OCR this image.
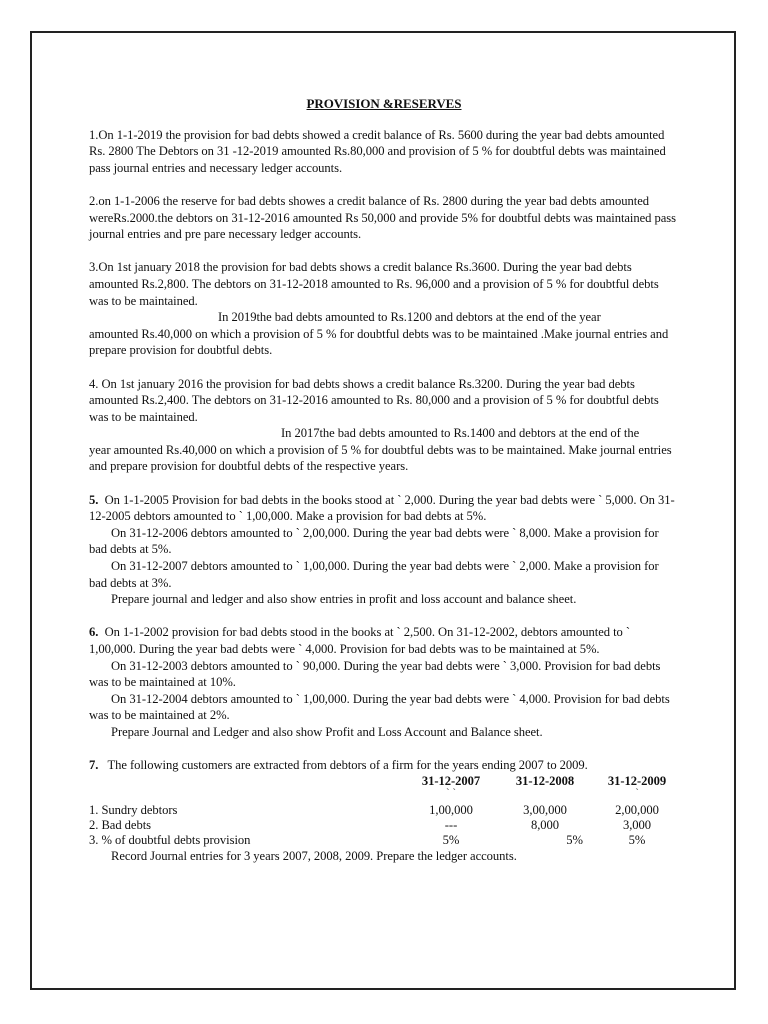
PROVISION &RESERVES

1.On 1-1-2019 the provision for bad debts showed a credit balance of Rs. 5600 during the year bad debts amounted Rs. 2800 The Debtors on 31 -12-2019 amounted Rs.80,000 and provision of 5 % for doubtful debts was maintained pass journal entries and necessary ledger accounts.

2.on 1-1-2006 the reserve for bad debts showes a credit balance of Rs. 2800 during the year bad debts amounted wereRs.2000.the debtors on 31-12-2016 amounted Rs 50,000 and provide 5% for doubtful debts was maintained pass journal entries and pre pare necessary ledger accounts.

3.On 1st january 2018 the provision for bad debts shows a credit balance Rs.3600. During the year bad debts amounted Rs.2,800. The debtors on 31-12-2018 amounted to Rs. 96,000 and a provision of 5 % for doubtful debts was to be maintained.

In 2019the bad debts amounted to Rs.1200 and debtors at the end of the year

amounted Rs.40,000 on which a provision of 5 % for doubtful debts was to be maintained .Make journal entries and prepare provision for doubtful debts.

4. On 1st january 2016 the provision for bad debts shows a credit balance Rs.3200. During the year bad debts amounted Rs.2,400. The debtors on 31-12-2016 amounted to Rs. 80,000 and a provision of 5 % for doubtful debts was to be maintained.

In 2017the bad debts amounted to Rs.1400 and debtors at the end of the

year amounted Rs.40,000 on which a provision of 5 % for doubtful debts was to be maintained. Make journal entries and prepare provision for doubtful debts of the respective years.

5. On 1-1-2005 Provision for bad debts in the books stood at ` 2,000. During the year bad debts were ` 5,000. On 31-12-2005 debtors amounted to ` 1,00,000. Make a provision for bad debts at 5%.

On 31-12-2006 debtors amounted to ` 2,00,000. During the year bad debts were ` 8,000. Make a provision for bad debts at 5%.

On 31-12-2007 debtors amounted to ` 1,00,000. During the year bad debts were ` 2,000. Make a provision for bad debts at 3%.

Prepare journal and ledger and also show entries in profit and loss account and balance sheet.

6. On 1-1-2002 provision for bad debts stood in the books at ` 2,500. On 31-12-2002, debtors amounted to ` 1,00,000. During the year bad debts were ` 4,000. Provision for bad debts was to be maintained at 5%.

On 31-12-2003 debtors amounted to ` 90,000. During the year bad debts were ` 3,000. Provision for bad debts was to be maintained at 10%.

On 31-12-2004 debtors amounted to ` 1,00,000. During the year bad debts were ` 4,000. Provision for bad debts was to be maintained at 2%.

Prepare Journal and Ledger and also show Profit and Loss Account and Balance sheet.

7. The following customers are extracted from debtors of a firm for the years ending 2007 to 2009.

	31-12-2007	31-12-2008	31-12-2009
	` `		`
1. Sundry debtors	1,00,000	3,00,000	2,00,000
2. Bad debts	---	8,000	3,000
3. % of doubtful debts provision	5%	5%	5%

Record Journal entries for 3 years 2007, 2008, 2009. Prepare the ledger accounts.
